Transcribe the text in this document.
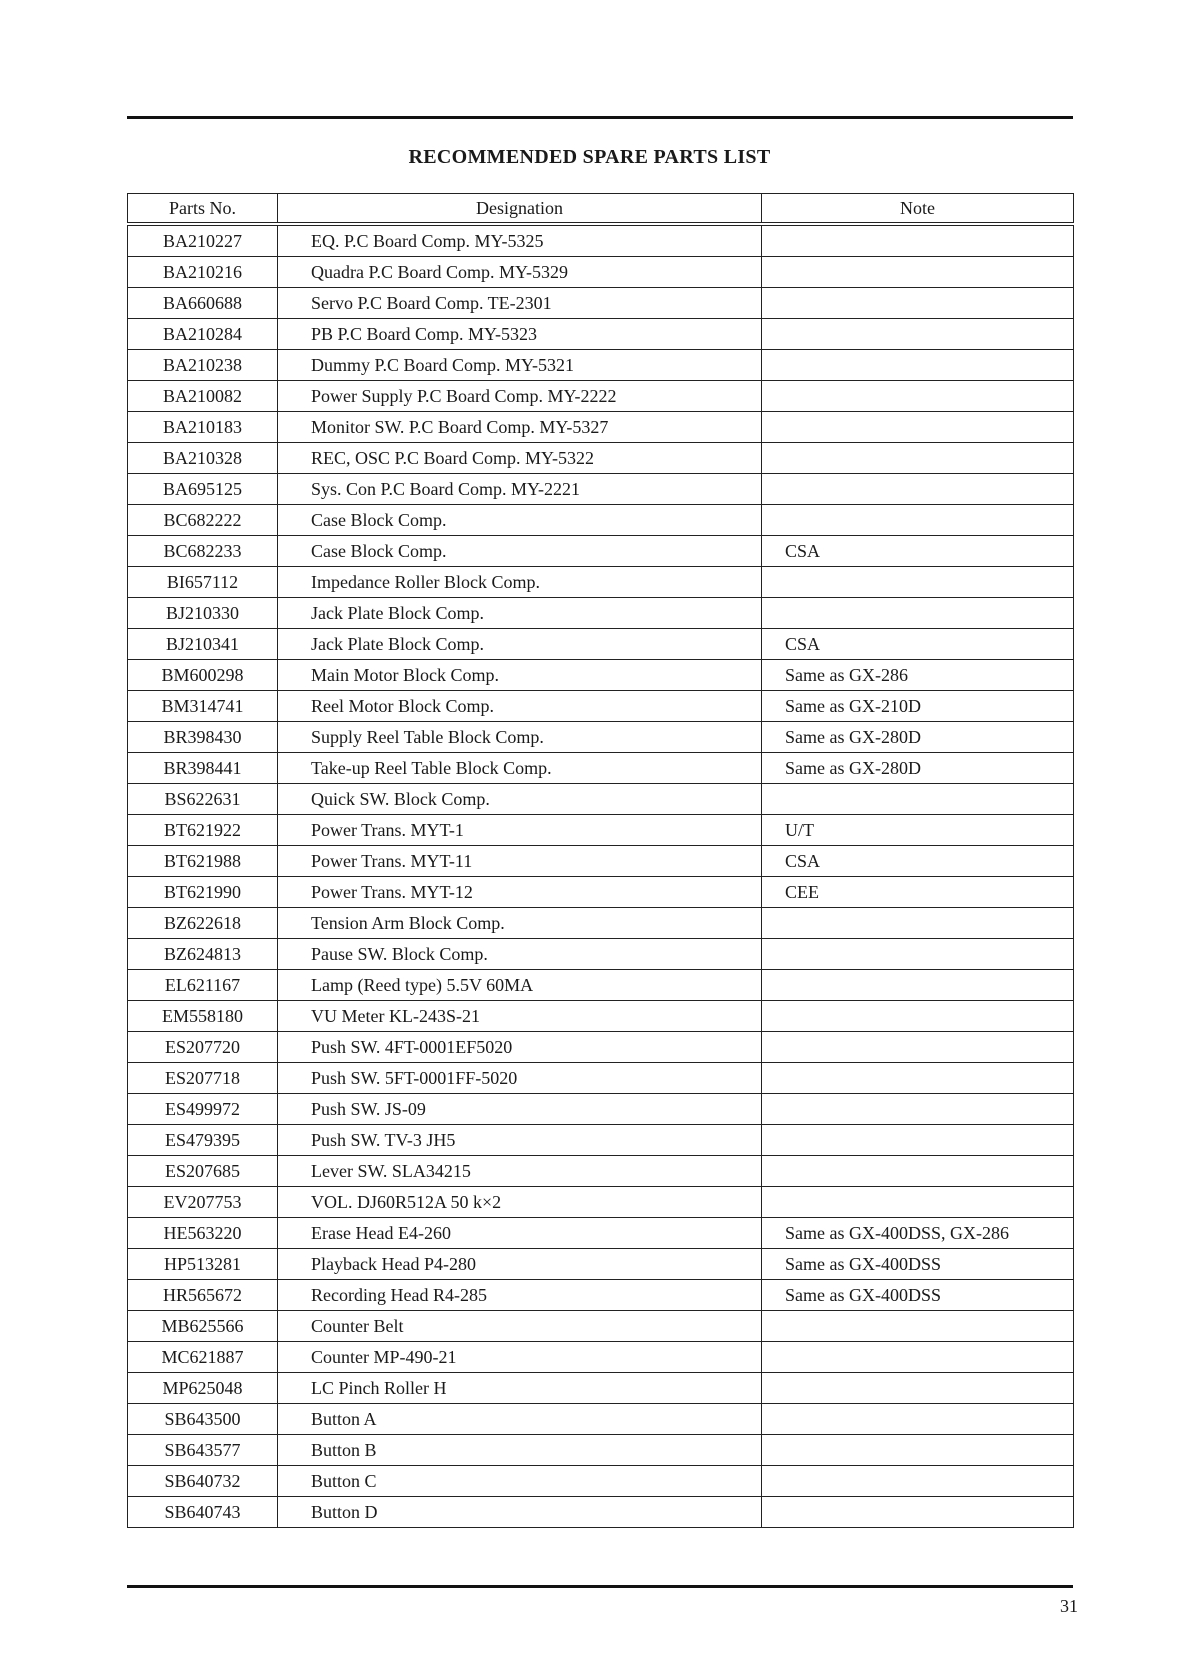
RECOMMENDED SPARE PARTS LIST
Parts No.	Designation	Note
BA210227	EQ. P.C Board Comp. MY-5325	
BA210216	Quadra P.C Board Comp. MY-5329	
BA660688	Servo P.C Board Comp. TE-2301	
BA210284	PB P.C Board Comp. MY-5323	
BA210238	Dummy P.C Board Comp. MY-5321	
BA210082	Power Supply P.C Board Comp. MY-2222	
BA210183	Monitor SW. P.C Board Comp. MY-5327	
BA210328	REC, OSC P.C Board Comp. MY-5322	
BA695125	Sys. Con P.C Board Comp. MY-2221	
BC682222	Case Block Comp.	
BC682233	Case Block Comp.	CSA
BI657112	Impedance Roller Block Comp.	
BJ210330	Jack Plate Block Comp.	
BJ210341	Jack Plate Block Comp.	CSA
BM600298	Main Motor Block Comp.	Same as GX-286
BM314741	Reel Motor Block Comp.	Same as GX-210D
BR398430	Supply Reel Table Block Comp.	Same as GX-280D
BR398441	Take-up Reel Table Block Comp.	Same as GX-280D
BS622631	Quick SW. Block Comp.	
BT621922	Power Trans. MYT-1	U/T
BT621988	Power Trans. MYT-11	CSA
BT621990	Power Trans. MYT-12	CEE
BZ622618	Tension Arm Block Comp.	
BZ624813	Pause SW. Block Comp.	
EL621167	Lamp (Reed type) 5.5V 60MA	
EM558180	VU Meter KL-243S-21	
ES207720	Push SW. 4FT-0001EF5020	
ES207718	Push SW. 5FT-0001FF-5020	
ES499972	Push SW. JS-09	
ES479395	Push SW. TV-3 JH5	
ES207685	Lever SW. SLA34215	
EV207753	VOL. DJ60R512A 50 k×2	
HE563220	Erase Head E4-260	Same as GX-400DSS, GX-286
HP513281	Playback Head P4-280	Same as GX-400DSS
HR565672	Recording Head R4-285	Same as GX-400DSS
MB625566	Counter Belt	
MC621887	Counter MP-490-21	
MP625048	LC Pinch Roller H	
SB643500	Button A	
SB643577	Button B	
SB640732	Button C	
SB640743	Button D	
31
